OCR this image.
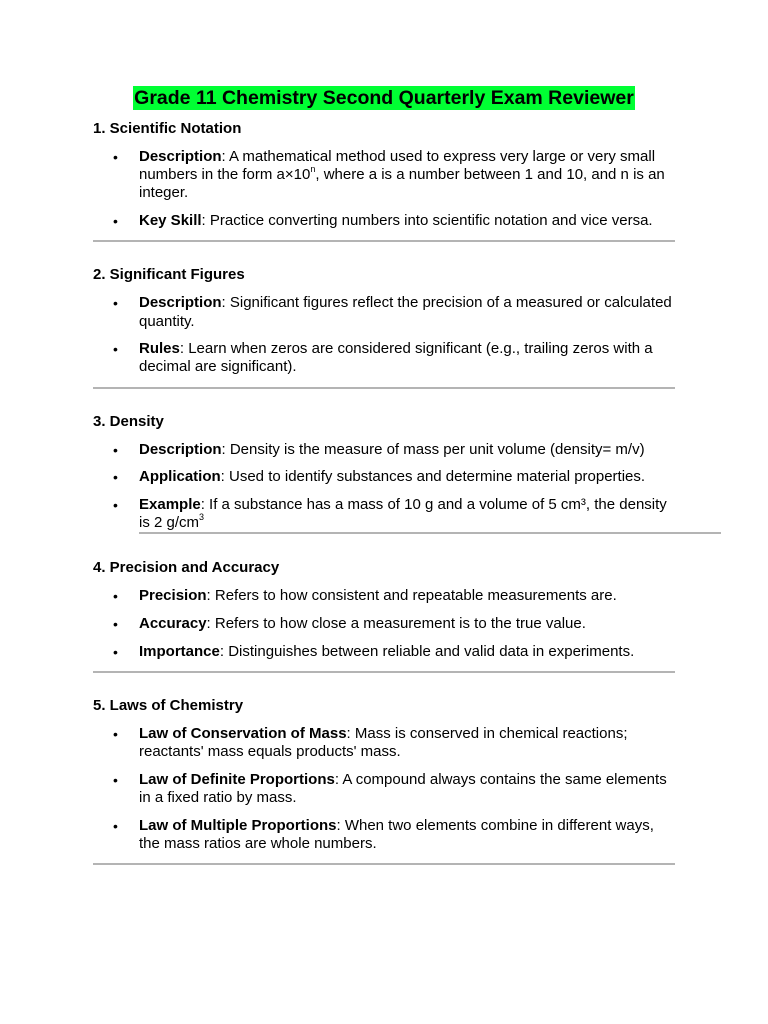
Grade 11 Chemistry Second Quarterly Exam Reviewer
1. Scientific Notation
• Description: A mathematical method used to express very large or very small numbers in the form $a\times 10^n$, where a is a number between 1 and 10, and n is an integer.
• Key Skill: Practice converting numbers into scientific notation and vice versa.
2. Significant Figures
• Description: Significant figures reflect the precision of a measured or calculated quantity.
• Rules: Learn when zeros are considered significant (e.g., trailing zeros with a decimal are significant).
3. Density
• Description: Density is the measure of mass per unit volume (density= m/v)
• Application: Used to identify substances and determine material properties.
• Example: If a substance has a mass of 10 g and a volume of 5 cm³, the density is 2 $g/cm^3$
4. Precision and Accuracy
• Precision: Refers to how consistent and repeatable measurements are.
• Accuracy: Refers to how close a measurement is to the true value.
• Importance: Distinguishes between reliable and valid data in experiments.
5. Laws of Chemistry
• Law of Conservation of Mass: Mass is conserved in chemical reactions; reactants' mass equals products' mass.
• Law of Definite Proportions: A compound always contains the same elements in a fixed ratio by mass.
• Law of Multiple Proportions: When two elements combine in different ways, the mass ratios are whole numbers.
